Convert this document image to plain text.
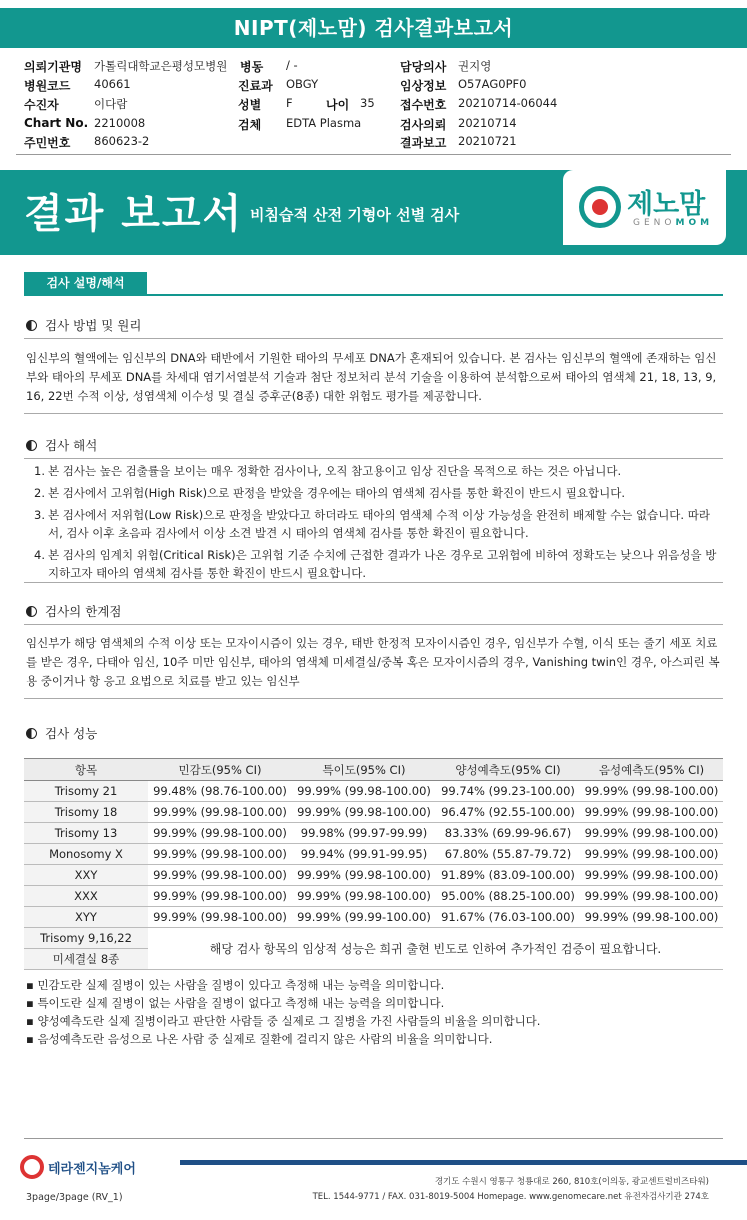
NIPT(제노맘) 검사결과보고서
의뢰기관명 가톨릭대학교은평성모병원 병동 / -	담당의사 권지영
병원코드 40661	진료과 OBGY	임상정보 O57AG0PF0
수진자	이다람	성별 F	나이 35 접수번호 20210714-06044
Chart No. 2210008	검체 EDTA Plasma	검사의뢰 20210714
주민번호 860623-2	결과보고 20210721
결과 보고서 비침습적 산전 기형아 선별 검사	제노맘
GENOMOM
검사 설명/해석
검사 방법 및 원리
임신부의 혈액에는 임신부의 DNA와 태반에서 기원한 태아의 무세포 DNA가 혼재되어 있습니다. 본 검사는 임신부의 혈액에 존재하는 임신부와 태아의 무세포 DNA를 차세대 염기서열분석 기술과 첨단 정보처리 분석 기술을 이용하여 분석함으로써 태아의 염색체 21, 18, 13, 9, 16, 22번 수적 이상, 성염색체 이수성 및 결실 증후군(8종) 대한 위험도 평가를 제공합니다.
검사 해석
1. 본 검사는 높은 검출률을 보이는 매우 정확한 검사이나, 오직 참고용이고 임상 진단을 목적으로 하는 것은 아닙니다.
2. 본 검사에서 고위험(High Risk)으로 판정을 받았을 경우에는 태아의 염색체 검사를 통한 확진이 반드시 필요합니다.
3. 본 검사에서 저위험(Low Risk)으로 판정을 받았다고 하더라도 태아의 염색체 수적 이상 가능성을 완전히 배제할 수는 없습니다. 따라서, 검사 이후 초음파 검사에서 이상 소견 발견 시 태아의 염색체 검사를 통한 확진이 필요합니다.
4. 본 검사의 임계치 위험(Critical Risk)은 고위험 기준 수치에 근접한 결과가 나온 경우로 고위험에 비하여 정확도는 낮으나 위음성을 방지하고자 태아의 염색체 검사를 통한 확진이 반드시 필요합니다.
검사의 한계점
임신부가 해당 염색체의 수적 이상 또는 모자이시즘이 있는 경우, 태반 한정적 모자이시즘인 경우, 임신부가 수혈, 이식 또는 줄기 세포 치료를 받은 경우, 다태아 임신, 10주 미만 임신부, 태아의 염색체 미세결실/중복 혹은 모자이시즘의 경우, Vanishing twin인 경우, 아스피린 복용 중이거나 항 응고 요법으로 치료를 받고 있는 임신부
검사 성능
항목	민감도(95% CI)	특이도(95% CI)	양성예측도(95% CI)	음성예측도(95% CI)
Trisomy 21	99.48% (98.76-100.00)	99.99% (99.98-100.00)	99.74% (99.23-100.00)	99.99% (99.98-100.00)
Trisomy 18	99.99% (99.98-100.00)	99.99% (99.98-100.00)	96.47% (92.55-100.00)	99.99% (99.98-100.00)
Trisomy 13	99.99% (99.98-100.00)	99.98% (99.97-99.99)	83.33% (69.99-96.67)	99.99% (99.98-100.00)
Monosomy X	99.99% (99.98-100.00)	99.94% (99.91-99.95)	67.80% (55.87-79.72)	99.99% (99.98-100.00)
XXY	99.99% (99.98-100.00)	99.99% (99.98-100.00)	91.89% (83.09-100.00)	99.99% (99.98-100.00)
XXX	99.99% (99.98-100.00)	99.99% (99.98-100.00)	95.00% (88.25-100.00)	99.99% (99.98-100.00)
XYY	99.99% (99.98-100.00)	99.99% (99.99-100.00)	91.67% (76.03-100.00)	99.99% (99.98-100.00)
Trisomy 9,16,22	해당 검사 항목의 임상적 성능은 희귀 출현 빈도로 인하여 추가적인 검증이 필요합니다.			
미세결실 8종				
▪ 민감도란 실제 질병이 있는 사람을 질병이 있다고 측정해 내는 능력을 의미합니다.
▪ 특이도란 실제 질병이 없는 사람을 질병이 없다고 측정해 내는 능력을 의미합니다.
▪ 양성예측도란 실제 질병이라고 판단한 사람들 중 실제로 그 질병을 가진 사람들의 비율을 의미합니다.
▪ 음성예측도란 음성으로 나온 사람 중 실제로 질환에 걸리지 않은 사람의 비율을 의미합니다.
테라젠지놈케어
경기도 수원시 영통구 청룡대로 260, 810호(이의동, 광교센트럴비즈타워)
TEL. 1544-9771 / FAX. 031-8019-5004 Homepage. www.genomecare.net 유전자검사기관 274호
3page/3page (RV_1)
